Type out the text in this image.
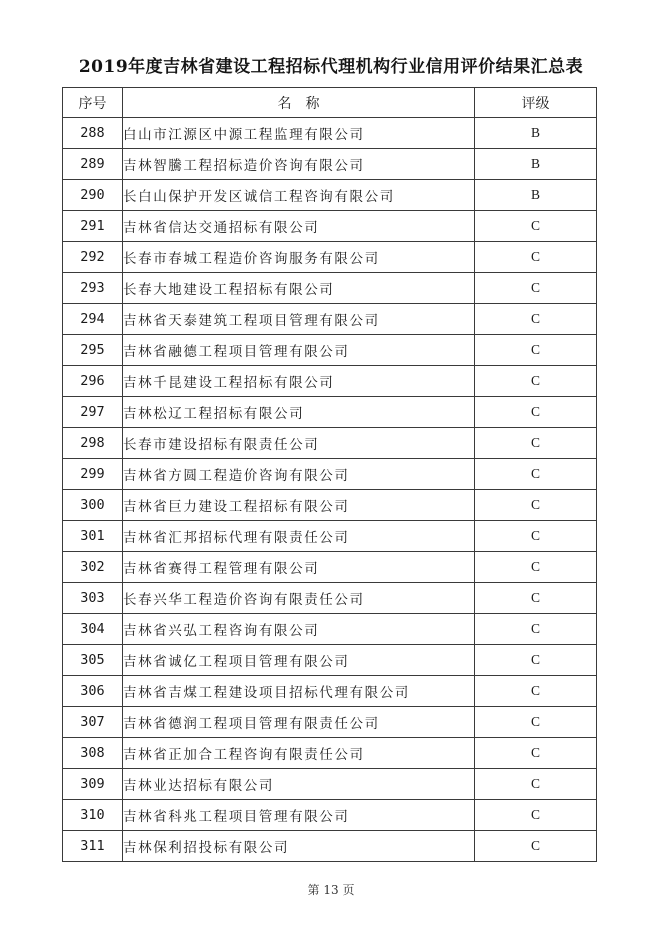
2019年度吉林省建设工程招标代理机构行业信用评价结果汇总表
序号	名　称	评级
288	白山市江源区中源工程监理有限公司	B
289	吉林智騰工程招标造价咨询有限公司	B
290	长白山保护开发区诚信工程咨询有限公司	B
291	吉林省信达交通招标有限公司	C
292	长春市春城工程造价咨询服务有限公司	C
293	长春大地建设工程招标有限公司	C
294	吉林省天泰建筑工程项目管理有限公司	C
295	吉林省融德工程项目管理有限公司	C
296	吉林千昆建设工程招标有限公司	C
297	吉林松辽工程招标有限公司	C
298	长春市建设招标有限责任公司	C
299	吉林省方圆工程造价咨询有限公司	C
300	吉林省巨力建设工程招标有限公司	C
301	吉林省汇邦招标代理有限责任公司	C
302	吉林省赛得工程管理有限公司	C
303	长春兴华工程造价咨询有限责任公司	C
304	吉林省兴弘工程咨询有限公司	C
305	吉林省诚亿工程项目管理有限公司	C
306	吉林省吉煤工程建设项目招标代理有限公司	C
307	吉林省德润工程项目管理有限责任公司	C
308	吉林省正加合工程咨询有限责任公司	C
309	吉林业达招标有限公司	C
310	吉林省科兆工程项目管理有限公司	C
311	吉林保利招投标有限公司	C
第 13 页
